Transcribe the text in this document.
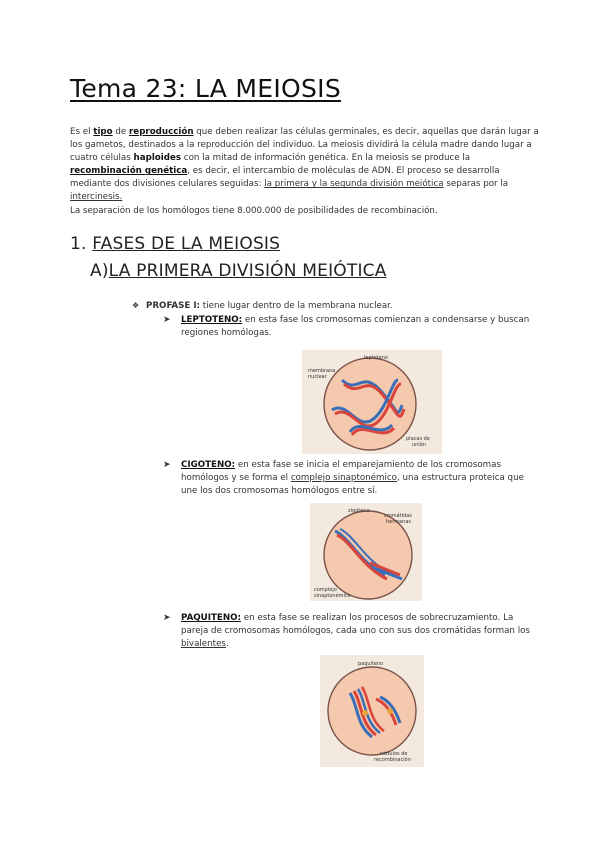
Tema 23: LA MEIOSIS
Es el tipo de reproducción que deben realizar las células germinales, es decir, aquellas que darán lugar a los gametos, destinados a la reproducción del individuo. La meiosis dividirá la célula madre dando lugar a cuatro células haploides con la mitad de información genética. En la meiosis se produce la recombinación genética, es decir, el intercambio de moléculas de ADN. El proceso se desarrolla mediante dos divisiones celulares seguidas: la primera y la segunda división meiótica separas por la intercinesis.
La separación de los homólogos tiene 8.000.000 de posibilidades de recombinación.
1. FASES DE LA MEIOSIS
A)LA PRIMERA DIVISIÓN MEIÓTICA
❖ PROFASE I: tiene lugar dentro de la membrana nuclear.
➤ LEPTOTENO: en esta fase los cromosomas comienzan a condensarse y buscan regiones homólogas.
leptoteno
membrana
nuclear
placas de
unión
➤ CIGOTENO: en esta fase se inicia el emparejamiento de los cromosomas homólogos y se forma el complejo sinaptonémico, una estructura proteica que une los dos cromosomas homólogos entre sí.
zigoteno
cromátidas
hermanas
complejo
sinaptonémico
➤ PAQUITENO: en esta fase se realizan los procesos de sobrecruzamiento. La pareja de cromosomas homólogos, cada uno con sus dos cromátidas forman los bivalentes.
paquiteno
nódulos de
recombinación
